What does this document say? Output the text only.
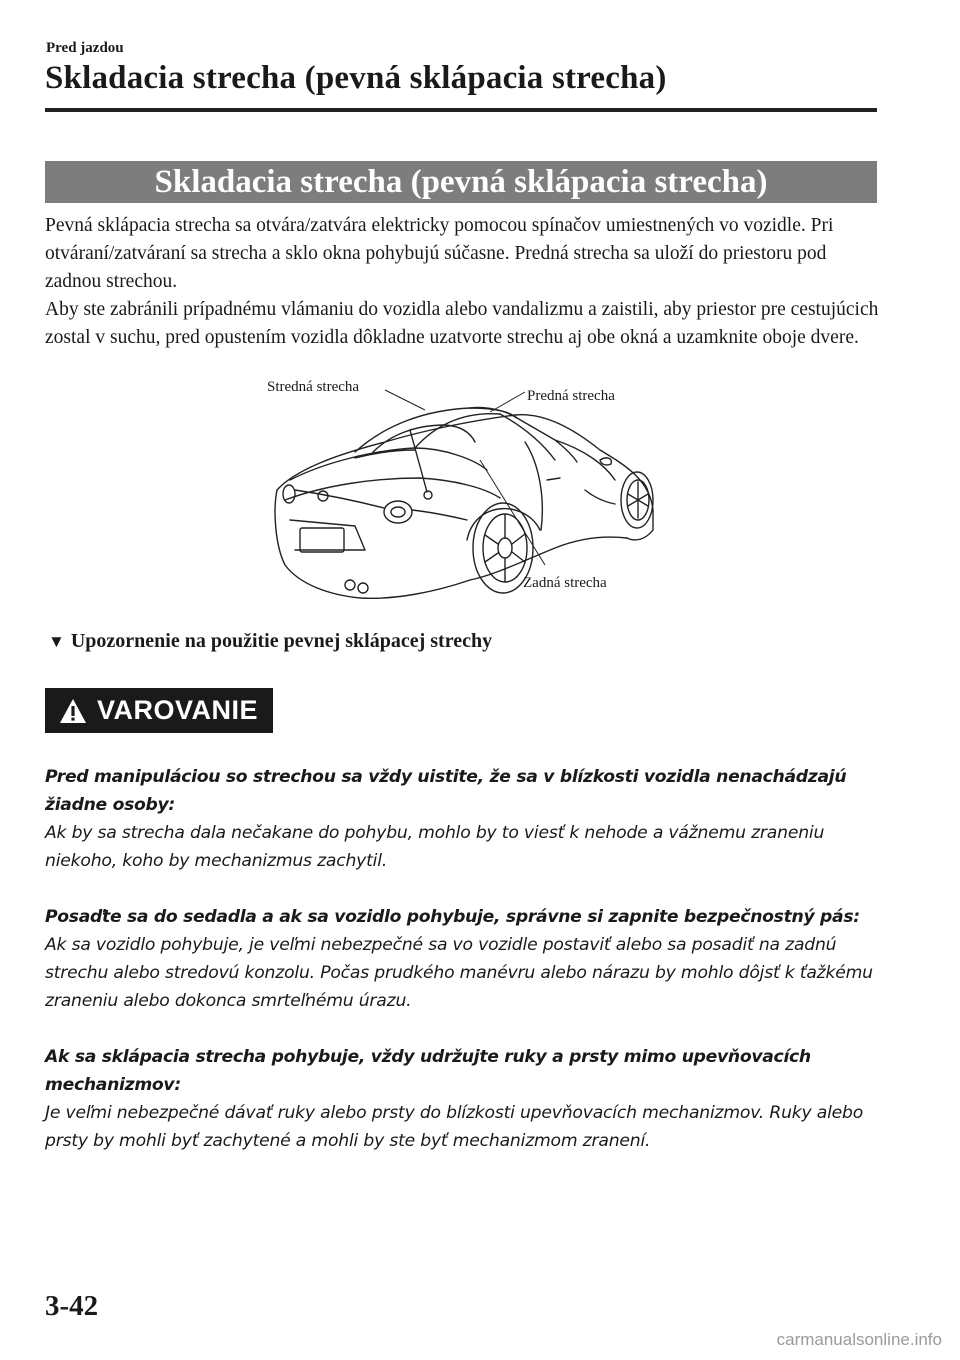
Pred jazdou
Skladacia strecha (pevná sklápacia strecha)
Skladacia strecha (pevná sklápacia strecha)

Pevná sklápacia strecha sa otvára/zatvára elektricky pomocou spínačov umiestnených vo vozidle. Pri otváraní/zatváraní sa strecha a sklo okna pohybujú súčasne. Predná strecha sa uloží do priestoru pod zadnou strechou.

Aby ste zabránili prípadnému vlámaniu do vozidla alebo vandalizmu a zaistili, aby priestor pre cestujúcich zostal v suchu, pred opustením vozidla dôkladne uzatvorte strechu aj obe okná a uzamknite oboje dvere.

Stredná strecha
Predná strecha
Zadná strecha
▼ Upozornenie na použitie pevnej sklápacej strechy
VAROVANIE
Pred manipuláciou so strechou sa vždy uistite, že sa v blízkosti vozidla nenachádzajú žiadne osoby:
Ak by sa strecha dala nečakane do pohybu, mohlo by to viesť k nehode a vážnemu zraneniu niekoho, koho by mechanizmus zachytil.
Posaďte sa do sedadla a ak sa vozidlo pohybuje, správne si zapnite bezpečnostný pás:
Ak sa vozidlo pohybuje, je veľmi nebezpečné sa vo vozidle postaviť alebo sa posadiť na zadnú strechu alebo stredovú konzolu. Počas prudkého manévru alebo nárazu by mohlo dôjsť k ťažkému zraneniu alebo dokonca smrteľnému úrazu.
Ak sa sklápacia strecha pohybuje, vždy udržujte ruky a prsty mimo upevňovacích mechanizmov:
Je veľmi nebezpečné dávať ruky alebo prsty do blízkosti upevňovacích mechanizmov. Ruky alebo prsty by mohli byť zachytené a mohli by ste byť mechanizmom zranení.
3-42
carmanualsonline.info
